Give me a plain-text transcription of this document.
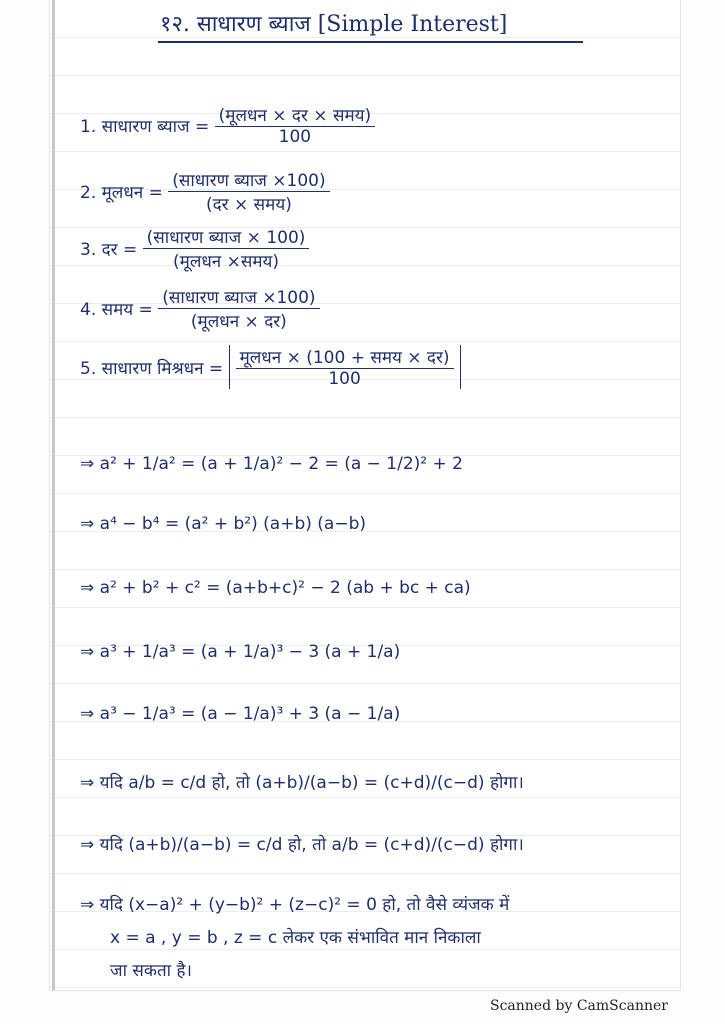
१२. साधारण ब्याज [Simple Interest]
1. साधारण ब्याज = $\frac{\text{(मूलधन × दर × समय)}}{100}$
2. मूलधन = $\frac{\text{(साधारण ब्याज ×100)}}{\text{(दर × समय)}}$
3. दर = $\frac{\text{(साधारण ब्याज × 100)}}{\text{(मूलधन ×समय)}}$
4. समय = $\frac{\text{(साधारण ब्याज ×100)}}{\text{(मूलधन × दर)}}$
5. साधारण मिश्रधन = $\frac{\text{मूलधन × (100 + समय × दर)}}{100}$
⇒ a² + 1/a² = (a + 1/a)² − 2 = (a − 1/2)² + 2
⇒ a⁴ − b⁴ = (a² + b²) (a+b) (a−b)
⇒ a² + b² + c² = (a+b+c)² − 2 (ab + bc + ca)
⇒ a³ + 1/a³ = (a + 1/a)³ − 3 (a + 1/a)
⇒ a³ − 1/a³ = (a − 1/a)³ + 3 (a − 1/a)
⇒ यदि a/b = c/d हो, तो (a+b)/(a−b) = (c+d)/(c−d) होगा।
⇒ यदि (a+b)/(a−b) = c/d हो, तो a/b = (c+d)/(c−d) होगा।
⇒ यदि (x−a)² + (y−b)² + (z−c)² = 0 हो, तो वैसे व्यंजक में
x = a , y = b , z = c लेकर एक संभावित मान निकाला
जा सकता है।
Scanned by CamScanner
